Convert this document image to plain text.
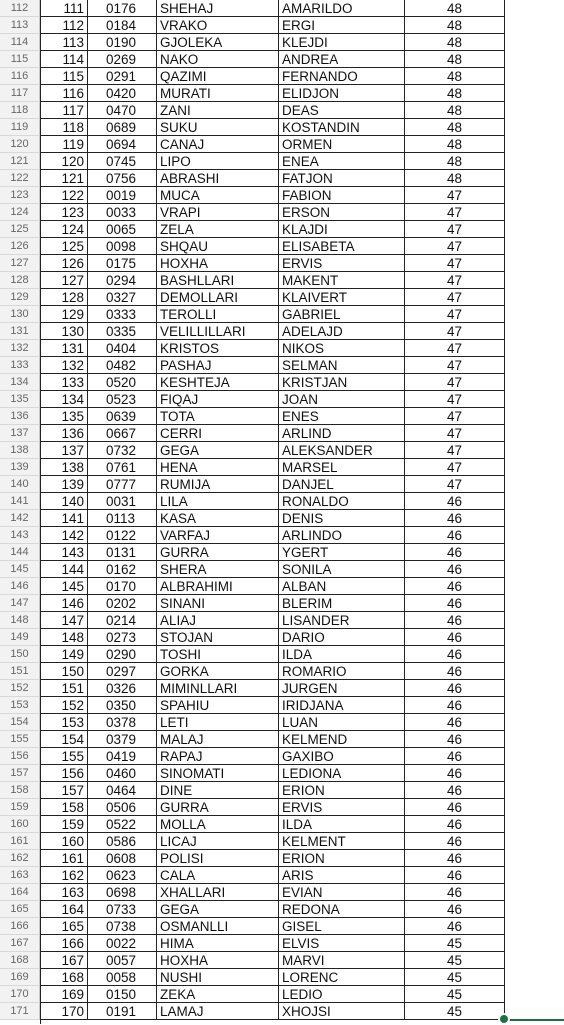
112	111	0176	SHEHAJ	AMARILDO	48
113	112	0184	VRAKO	ERGI	48
114	113	0190	GJOLEKA	KLEJDI	48
115	114	0269	NAKO	ANDREA	48
116	115	0291	QAZIMI	FERNANDO	48
117	116	0420	MURATI	ELIDJON	48
118	117	0470	ZANI	DEAS	48
119	118	0689	SUKU	KOSTANDIN	48
120	119	0694	CANAJ	ORMEN	48
121	120	0745	LIPO	ENEA	48
122	121	0756	ABRASHI	FATJON	48
123	122	0019	MUCA	FABION	47
124	123	0033	VRAPI	ERSON	47
125	124	0065	ZELA	KLAJDI	47
126	125	0098	SHQAU	ELISABETA	47
127	126	0175	HOXHA	ERVIS	47
128	127	0294	BASHLLARI	MAKENT	47
129	128	0327	DEMOLLARI	KLAIVERT	47
130	129	0333	TEROLLI	GABRIEL	47
131	130	0335	VELILLILLARI	ADELAJD	47
132	131	0404	KRISTOS	NIKOS	47
133	132	0482	PASHAJ	SELMAN	47
134	133	0520	KESHTEJA	KRISTJAN	47
135	134	0523	FIQAJ	JOAN	47
136	135	0639	TOTA	ENES	47
137	136	0667	CERRI	ARLIND	47
138	137	0732	GEGA	ALEKSANDER	47
139	138	0761	HENA	MARSEL	47
140	139	0777	RUMIJA	DANJEL	47
141	140	0031	LILA	RONALDO	46
142	141	0113	KASA	DENIS	46
143	142	0122	VARFAJ	ARLINDO	46
144	143	0131	GURRA	YGERT	46
145	144	0162	SHERA	SONILA	46
146	145	0170	ALBRAHIMI	ALBAN	46
147	146	0202	SINANI	BLERIM	46
148	147	0214	ALIAJ	LISANDER	46
149	148	0273	STOJAN	DARIO	46
150	149	0290	TOSHI	ILDA	46
151	150	0297	GORKA	ROMARIO	46
152	151	0326	MIMINLLARI	JURGEN	46
153	152	0350	SPAHIU	IRIDJANA	46
154	153	0378	LETI	LUAN	46
155	154	0379	MALAJ	KELMEND	46
156	155	0419	RAPAJ	GAXIBO	46
157	156	0460	SINOMATI	LEDIONA	46
158	157	0464	DINE	ERION	46
159	158	0506	GURRA	ERVIS	46
160	159	0522	MOLLA	ILDA	46
161	160	0586	LICAJ	KELMENT	46
162	161	0608	POLISI	ERION	46
163	162	0623	CALA	ARIS	46
164	163	0698	XHALLARI	EVIAN	46
165	164	0733	GEGA	REDONA	46
166	165	0738	OSMANLLI	GISEL	46
167	166	0022	HIMA	ELVIS	45
168	167	0057	HOXHA	MARVI	45
169	168	0058	NUSHI	LORENC	45
170	169	0150	ZEKA	LEDIO	45
171	170	0191	LAMAJ	XHOJSI	45
